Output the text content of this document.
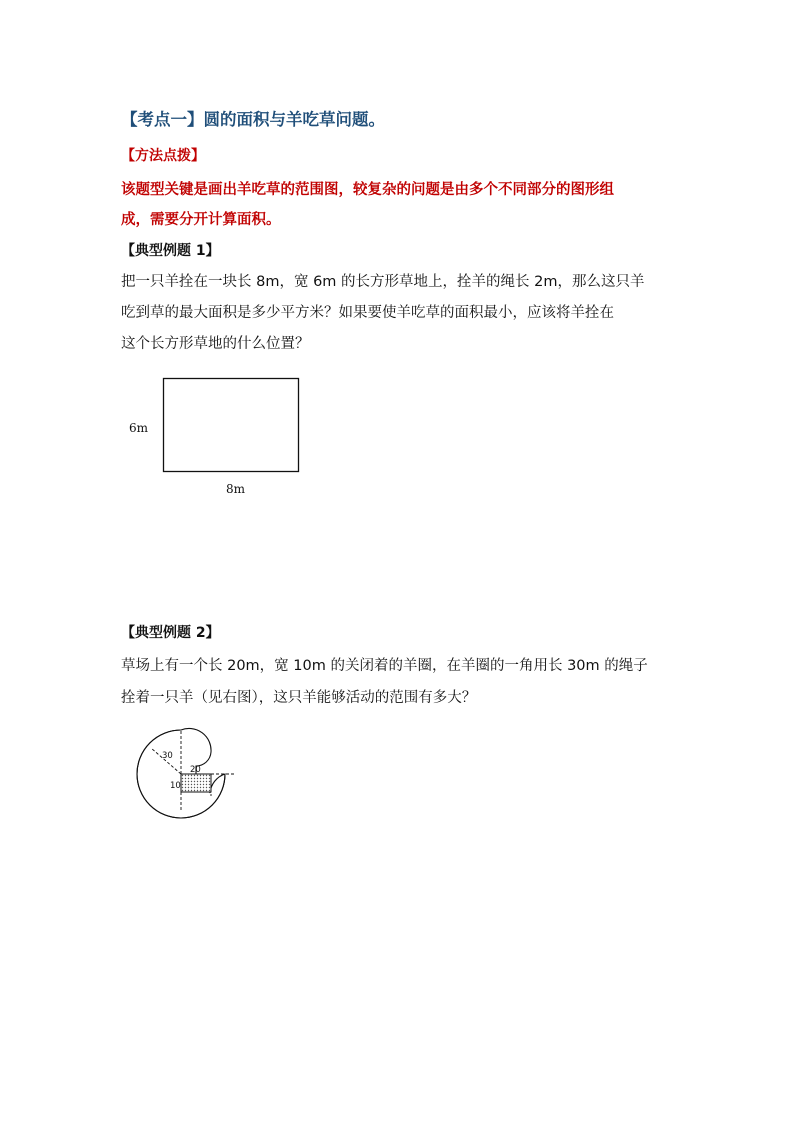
【考点一】圆的面积与羊吃草问题。
【方法点拨】
该题型关键是画出羊吃草的范围图，较复杂的问题是由多个不同部分的图形组
成，需要分开计算面积。
【典型例题 1】
把一只羊拴在一块长 8m，宽 6m 的长方形草地上，拴羊的绳长 2m，那么这只羊
吃到草的最大面积是多少平方米？如果要使羊吃草的面积最小，应该将羊拴在
这个长方形草地的什么位置？
6m
8m
【典型例题 2】
草场上有一个长 20m，宽 10m 的关闭着的羊圈，在羊圈的一角用长 30m 的绳子
拴着一只羊（见右图），这只羊能够活动的范围有多大？
30
20
10
